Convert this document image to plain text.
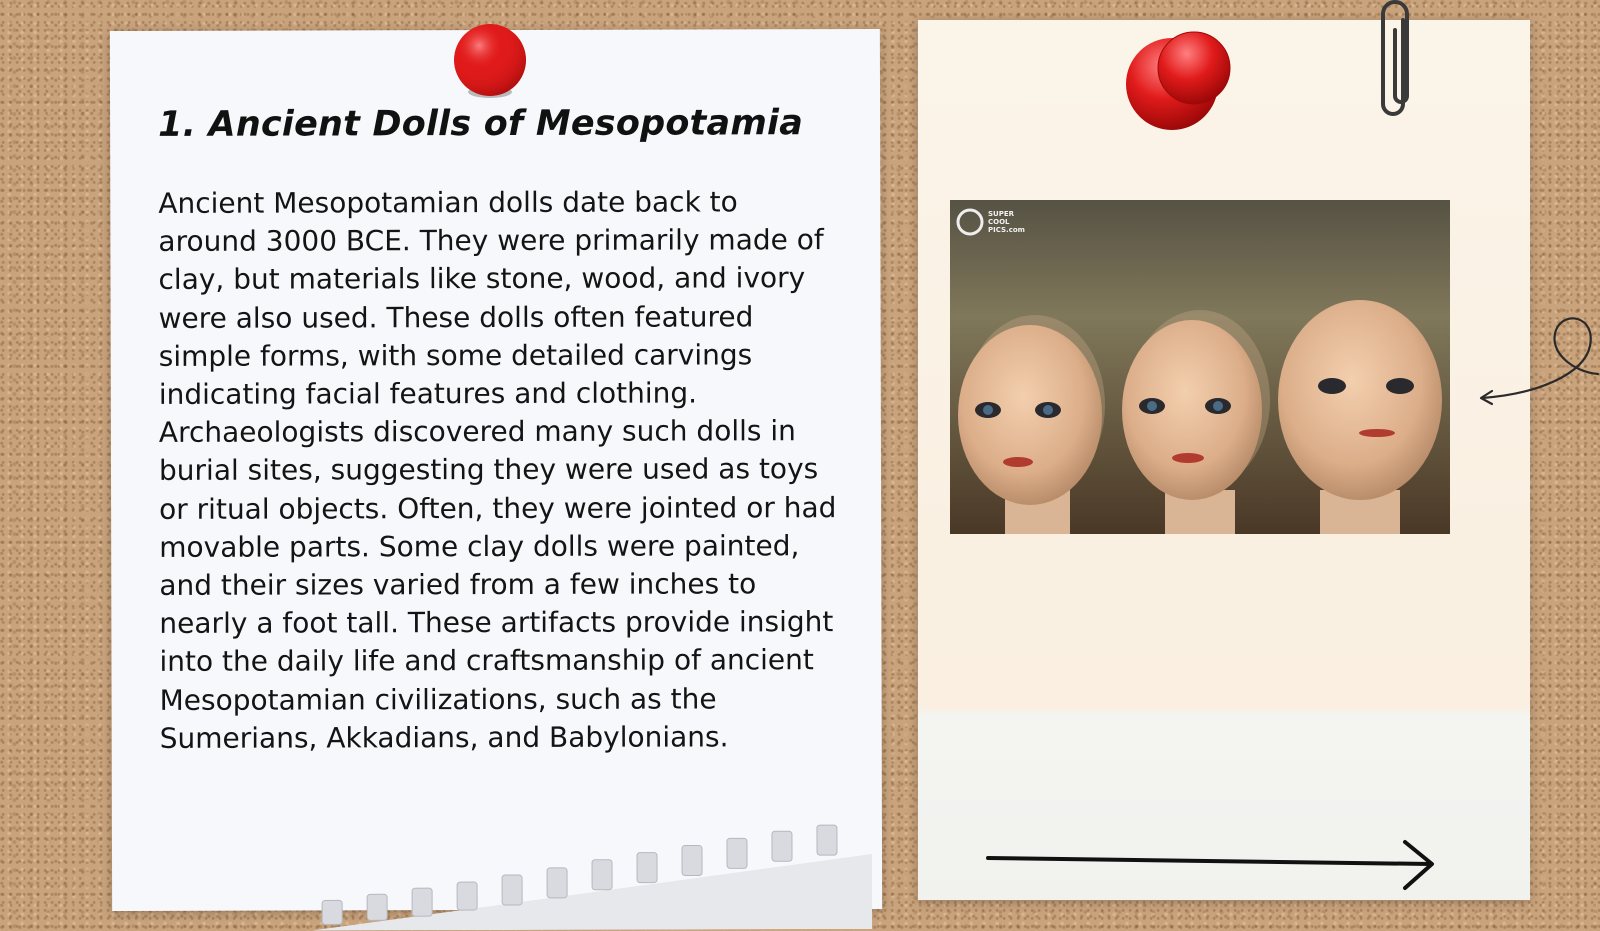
1. Ancient Dolls of Mesopotamia

Ancient Mesopotamian dolls date back to around 3000 BCE. They were primarily made of clay, but materials like stone, wood, and ivory were also used. These dolls often featured simple forms, with some detailed carvings indicating facial features and clothing. Archaeologists discovered many such dolls in burial sites, suggesting they were used as toys or ritual objects. Often, they were jointed or had movable parts. Some clay dolls were painted, and their sizes varied from a few inches to nearly a foot tall. These artifacts provide insight into the daily life and craftsmanship of ancient Mesopotamian civilizations, such as the Sumerians, Akkadians, and Babylonians.

SUPER
COOL
PICS.com
